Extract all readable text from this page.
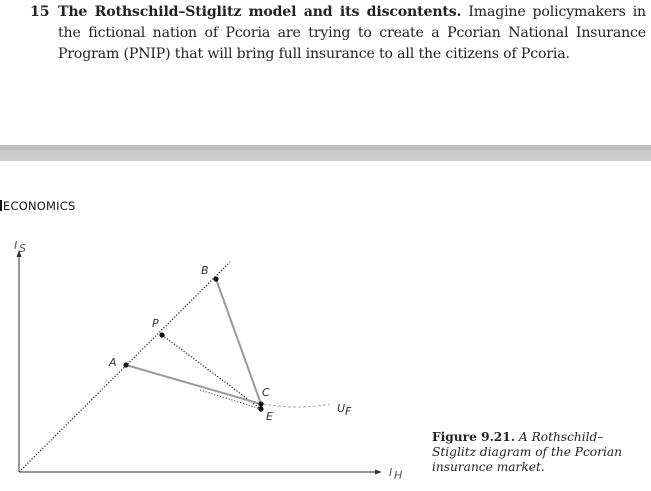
15 The Rothschild–Stiglitz model and its discontents. Imagine policymakers in the fictional nation of Pcoria are trying to create a Pcorian National Insurance Program (PNIP) that will bring full insurance to all the citizens of Pcoria.
ECONOMICS
I S
I H
A
P
B
C
E
U F
Figure 9.21. A Rothschild–Stiglitz diagram of the Pcorian insurance market.
